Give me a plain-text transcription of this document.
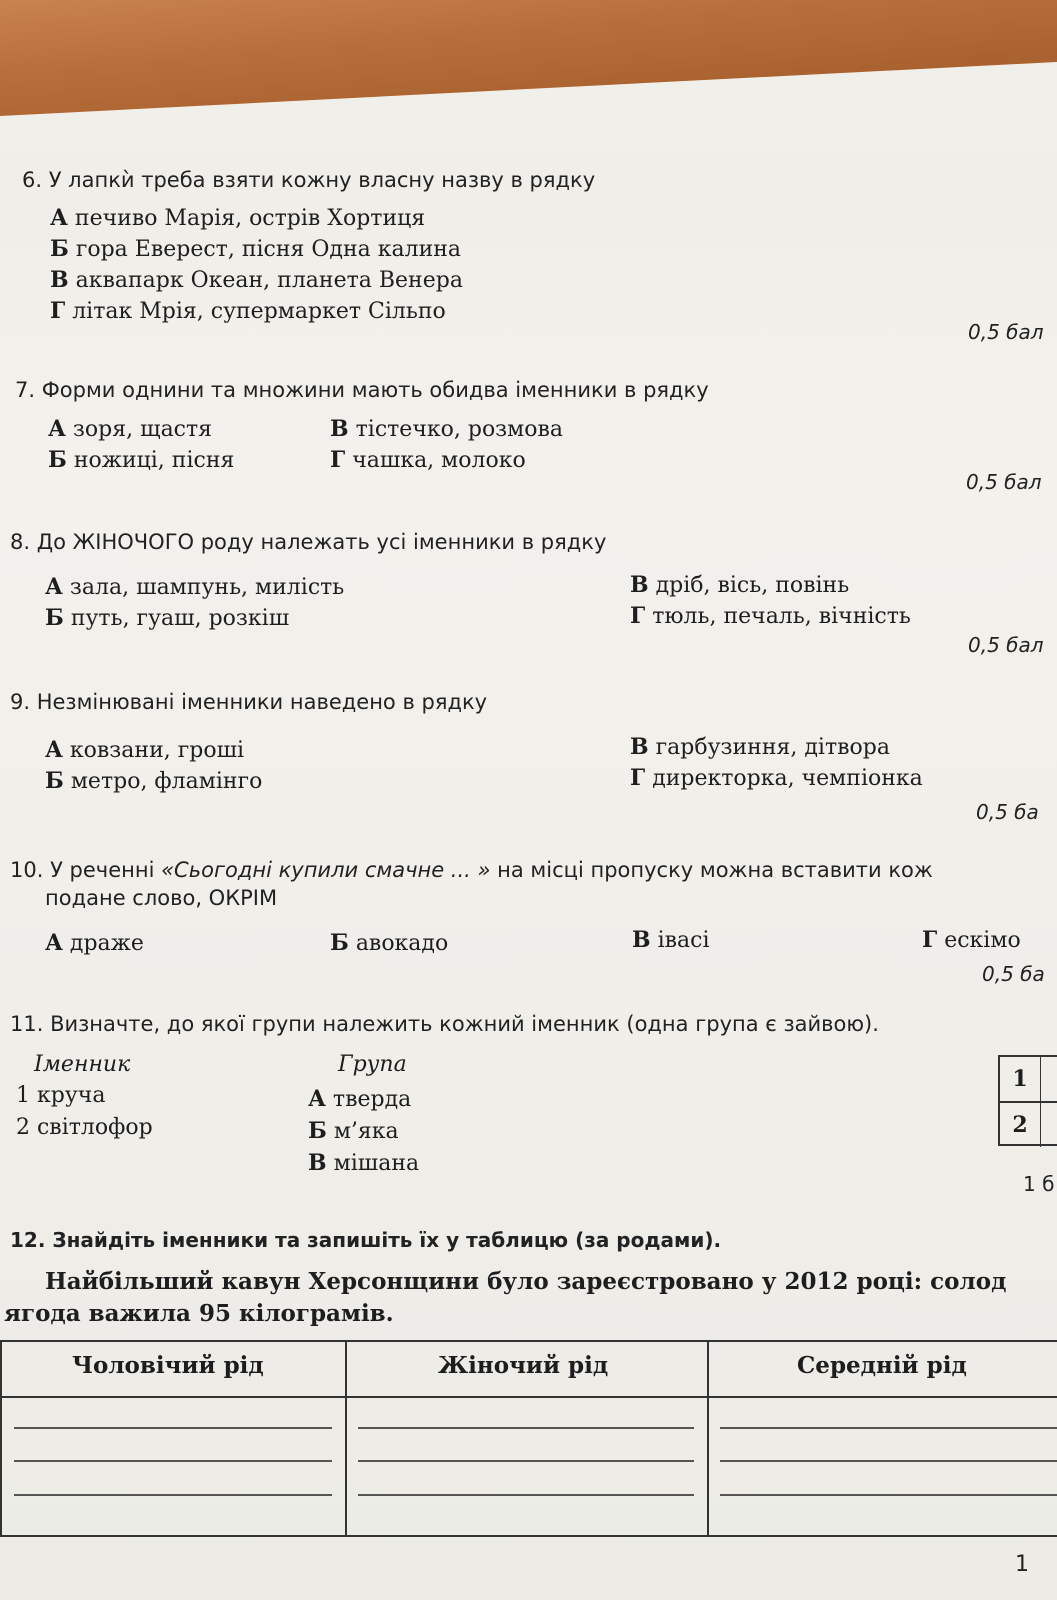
6. У лапкѝ треба взяти кожну власну назву в рядку
А печиво Марія, острів Хортиця
Б гора Еверест, пісня Одна калина
В аквапарк Океан, планета Венера
Г літак Мрія, супермаркет Сільпо
0,5 бал
7. Форми однини та множини мають обидва іменники в рядку
А зоря, щастя
Б ножиці, пісня
В тістечко, розмова
Г чашка, молоко
0,5 бал
8. До ЖІНОЧОГО роду належать усі іменники в рядку
А зала, шампунь, милість
Б путь, гуаш, розкіш
В дріб, вісь, повінь
Г тюль, печаль, вічність
0,5 бал
9. Незмінювані іменники наведено в рядку
А ковзани, гроші
Б метро, фламінго
В гарбузиння, дітвора
Г директорка, чемпіонка
0,5 ба
10. У реченні «Сьогодні купили смачне ... » на місці пропуску можна вставити кож
подане слово, ОКРІМ
А драже	Б авокадо	В іваcі	Г ескімо
0,5 ба
11. Визначте, до якої групи належить кожний іменник (одна група є зайвою).
Іменник	Група
1 круча
2 світлофор
А тверда
Б м’яка
В мішана
1
2
1 б
12. Знайдіть іменники та запишіть їх у таблицю (за родами).
Найбільший кавун Херсонщини було зареєстровано у 2012 році: солод
ягода важила 95 кілограмів.
Чоловічий рід	Жіночий рід	Середній рід
1
